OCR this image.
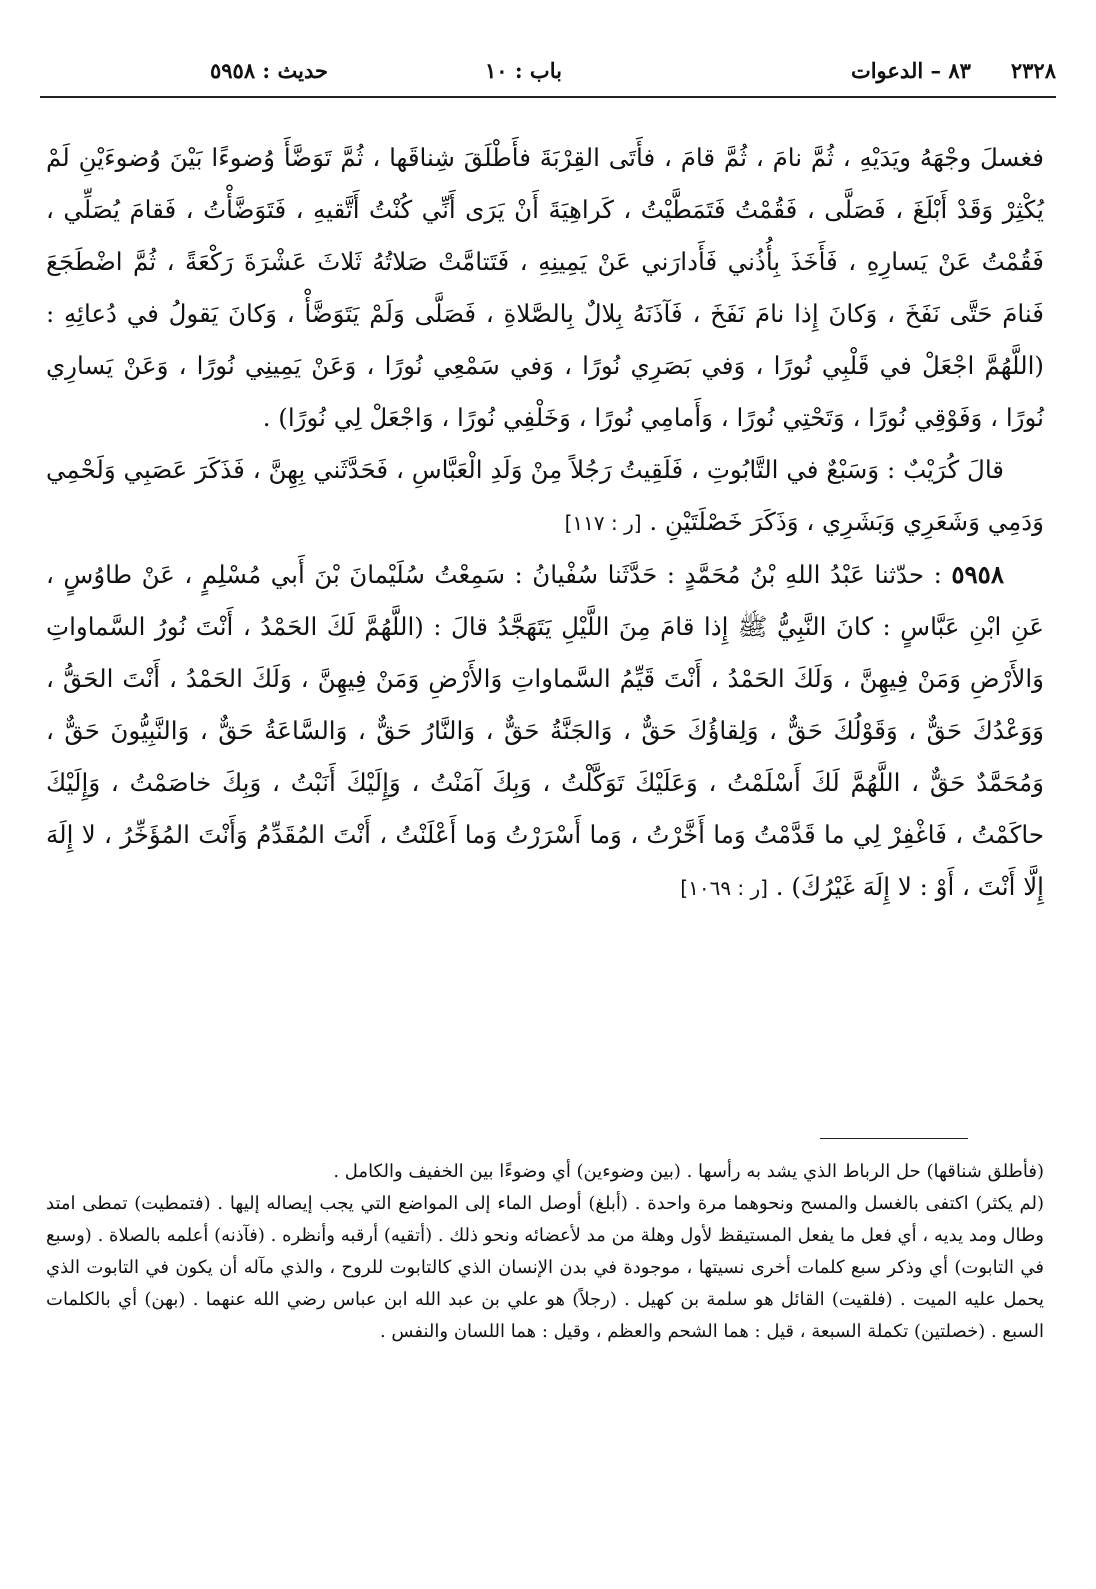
٢٣٢٨
٨٣ – الدعوات
باب : ١٠
حديث : ٥٩٥٨

فغسلَ وجْهَهُ ويَدَيْهِ ، ثُمَّ نامَ ، ثُمَّ قامَ ، فأَتَى القِرْبَةَ فأَطْلَقَ شِناقَها ، ثُمَّ تَوَضَّأَ وُضوءًا بَيْنَ وُضوءَيْنِ لَمْ يُكْثِرْ وَقَدْ أَبْلَغَ ، فَصَلَّى ، فَقُمْتُ فَتَمَطَّيْتُ ، كَراهِيَةَ أَنْ يَرَى أَنِّي كُنْتُ أَتَّقيهِ ، فَتَوَضَّأْتُ ، فَقامَ يُصَلِّي ، فَقُمْتُ عَنْ يَسارِهِ ، فَأَخَذَ بِأُذُني فَأَدارَني عَنْ يَمِينِهِ ، فَتَتامَّتْ صَلاتُهُ ثَلاثَ عَشْرَةَ رَكْعَةً ، ثُمَّ اضْطَجَعَ فَنامَ حَتَّى نَفَخَ ، وَكانَ إِذا نامَ نَفَخَ ، فَآذَنَهُ بِلالٌ بِالصَّلاةِ ، فَصَلَّى وَلَمْ يَتَوَضَّأْ ، وَكانَ يَقولُ في دُعائِهِ : (اللَّهُمَّ اجْعَلْ في قَلْبِي نُورًا ، وَفي بَصَرِي نُورًا ، وَفي سَمْعِي نُورًا ، وَعَنْ يَمِينِي نُورًا ، وَعَنْ يَسارِي نُورًا ، وَفَوْقِي نُورًا ، وَتَحْتِي نُورًا ، وَأَمامِي نُورًا ، وَخَلْفِي نُورًا ، وَاجْعَلْ لِي نُورًا) .

قالَ كُرَيْبٌ : وَسَبْعٌ في التَّابُوتِ ، فَلَقِيتُ رَجُلاً مِنْ وَلَدِ الْعَبَّاسِ ، فَحَدَّثَني بِهِنَّ ، فَذَكَرَ عَصَبِي وَلَحْمِي وَدَمِي وَشَعَرِي وَبَشَرِي ، وَذَكَرَ خَصْلَتَيْنِ . [ر : ١١٧]

٥٩٥٨ : حدّثنا عَبْدُ اللهِ بْنُ مُحَمَّدٍ : حَدَّثَنا سُفْيانُ : سَمِعْتُ سُلَيْمانَ بْنَ أَبي مُسْلِمٍ ، عَنْ طاوُسٍ ، عَنِ ابْنِ عَبَّاسٍ : كانَ النَّبِيُّ ﷺ إِذا قامَ مِنَ اللَّيْلِ يَتَهَجَّدُ قالَ : (اللَّهُمَّ لَكَ الحَمْدُ ، أَنْتَ نُورُ السَّماواتِ وَالأَرْضِ وَمَنْ فِيهِنَّ ، وَلَكَ الحَمْدُ ، أَنْتَ قَيِّمُ السَّماواتِ وَالأَرْضِ وَمَنْ فِيهِنَّ ، وَلَكَ الحَمْدُ ، أَنْتَ الحَقُّ ، وَوَعْدُكَ حَقٌّ ، وَقَوْلُكَ حَقٌّ ، وَلِقاؤُكَ حَقٌّ ، وَالجَنَّةُ حَقٌّ ، وَالنَّارُ حَقٌّ ، وَالسَّاعَةُ حَقٌّ ، وَالنَّبِيُّونَ حَقٌّ ، وَمُحَمَّدٌ حَقٌّ ، اللَّهُمَّ لَكَ أَسْلَمْتُ ، وَعَلَيْكَ تَوَكَّلْتُ ، وَبِكَ آمَنْتُ ، وَإِلَيْكَ أَنَبْتُ ، وَبِكَ خاصَمْتُ ، وَإِلَيْكَ حاكَمْتُ ، فَاغْفِرْ لِي ما قَدَّمْتُ وَما أَخَّرْتُ ، وَما أَسْرَرْتُ وَما أَعْلَنْتُ ، أَنْتَ المُقَدِّمُ وَأَنْتَ المُؤَخِّرُ ، لا إِلَهَ إِلَّا أَنْتَ ، أَوْ : لا إِلَهَ غَيْرُكَ) . [ر : ١٠٦٩]

(فأطلق شناقها) حل الرباط الذي يشد به رأسها . (بين وضوءين) أي وضوءًا بين الخفيف والكامل .

(لم يكثر) اكتفى بالغسل والمسح ونحوهما مرة واحدة . (أبلغ) أوصل الماء إلى المواضع التي يجب إيصاله إليها . (فتمطيت) تمطى امتد وطال ومد يديه ، أي فعل ما يفعل المستيقظ لأول وهلة من مد لأعضائه ونحو ذلك . (أتقيه) أرقبه وأنظره . (فآذنه) أعلمه بالصلاة . (وسبع في التابوت) أي وذكر سبع كلمات أخرى نسيتها ، موجودة في بدن الإنسان الذي كالتابوت للروح ، والذي مآله أن يكون في التابوت الذي يحمل عليه الميت . (فلقيت) القائل هو سلمة بن كهيل . (رجلاً) هو علي بن عبد الله ابن عباس رضي الله عنهما . (بهن) أي بالكلمات السبع . (خصلتين) تكملة السبعة ، قيل : هما الشحم والعظم ، وقيل : هما اللسان والنفس .
